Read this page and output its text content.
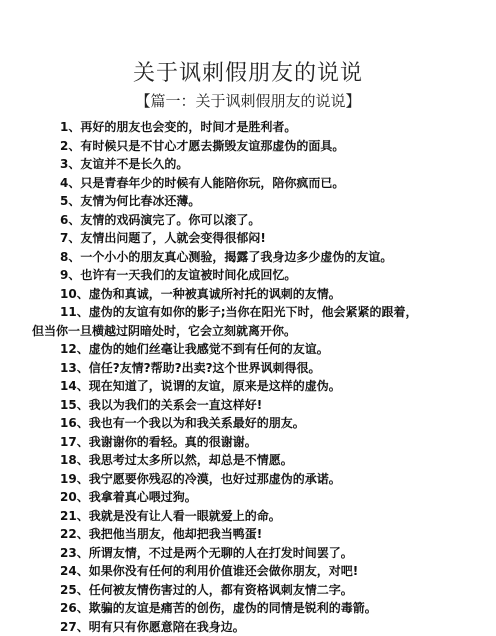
关于讽刺假朋友的说说
【篇一：关于讽刺假朋友的说说】
1、再好的朋友也会变的，时间才是胜利者。
2、有时候只是不甘心才愿去撕毁友谊那虚伪的面具。
3、友谊并不是长久的。
4、只是青春年少的时候有人能陪你玩，陪你疯而已。
5、友情为何比春冰还薄。
6、友情的戏码演完了。你可以滚了。
7、友情出问题了，人就会变得很郁闷!
8、一个小小的朋友真心测验，揭露了我身边多少虚伪的友谊。
9、也许有一天我们的友谊被时间化成回忆。
10、虚伪和真诚，一种被真诚所衬托的讽刺的友情。
11、虚伪的友谊有如你的影子;当你在阳光下时，他会紧紧的跟着，
但当你一旦横越过阴暗处时，它会立刻就离开你。
12、虚伪的她们丝毫让我感觉不到有任何的友谊。
13、信任?友情?帮助?出卖?这个世界讽刺得很。
14、现在知道了，说谓的友谊，原来是这样的虚伪。
15、我以为我们的关系会一直这样好!
16、我也有一个我以为和我关系最好的朋友。
17、我谢谢你的看轻。真的很谢谢。
18、我思考过太多所以然，却总是不情愿。
19、我宁愿要你残忍的冷漠，也好过那虚伪的承诺。
20、我拿着真心喂过狗。
21、我就是没有让人看一眼就爱上的命。
22、我把他当朋友，他却把我当鸭蛋!
23、所谓友情，不过是两个无聊的人在打发时间罢了。
24、如果你没有任何的利用价值谁还会做你朋友，对吧!
25、任何被友情伤害过的人，都有资格讽刺友情二字。
26、欺骗的友谊是痛苦的创伤，虚伪的同情是锐利的毒箭。
27、明有只有你愿意陪在我身边。
